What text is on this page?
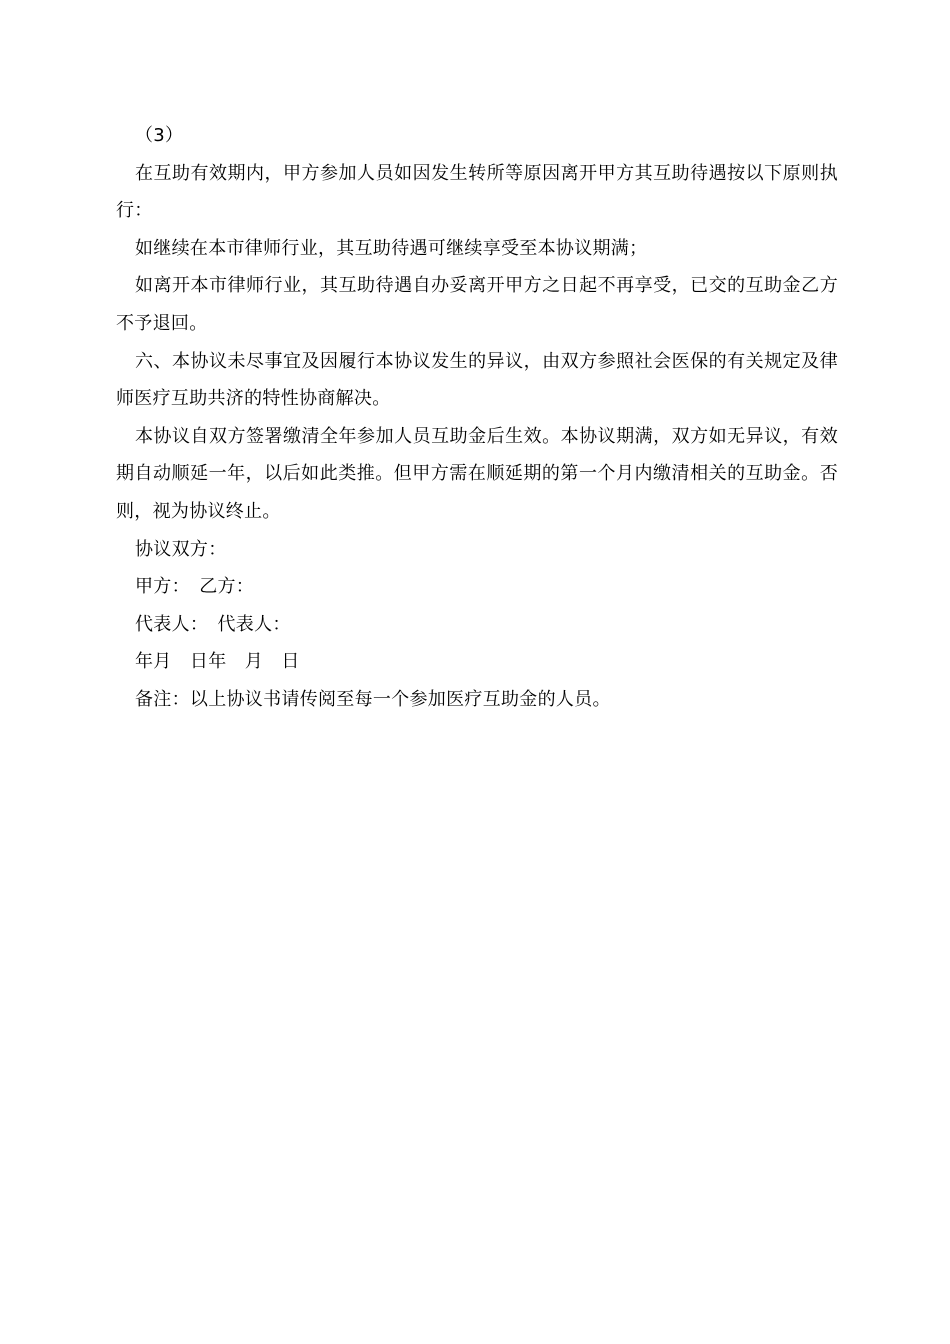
（3）

在互助有效期内，甲方参加人员如因发生转所等原因离开甲方其互助待遇按以下原则执行：

如继续在本市律师行业，其互助待遇可继续享受至本协议期满；

如离开本市律师行业，其互助待遇自办妥离开甲方之日起不再享受，已交的互助金乙方不予退回。

六、本协议未尽事宜及因履行本协议发生的异议，由双方参照社会医保的有关规定及律师医疗互助共济的特性协商解决。

本协议自双方签署缴清全年参加人员互助金后生效。本协议期满，双方如无异议，有效期自动顺延一年，以后如此类推。但甲方需在顺延期的第一个月内缴清相关的互助金。否则，视为协议终止。

协议双方：

甲方：　乙方：

代表人：　代表人：

年月　日年　月　日

备注：以上协议书请传阅至每一个参加医疗互助金的人员。
